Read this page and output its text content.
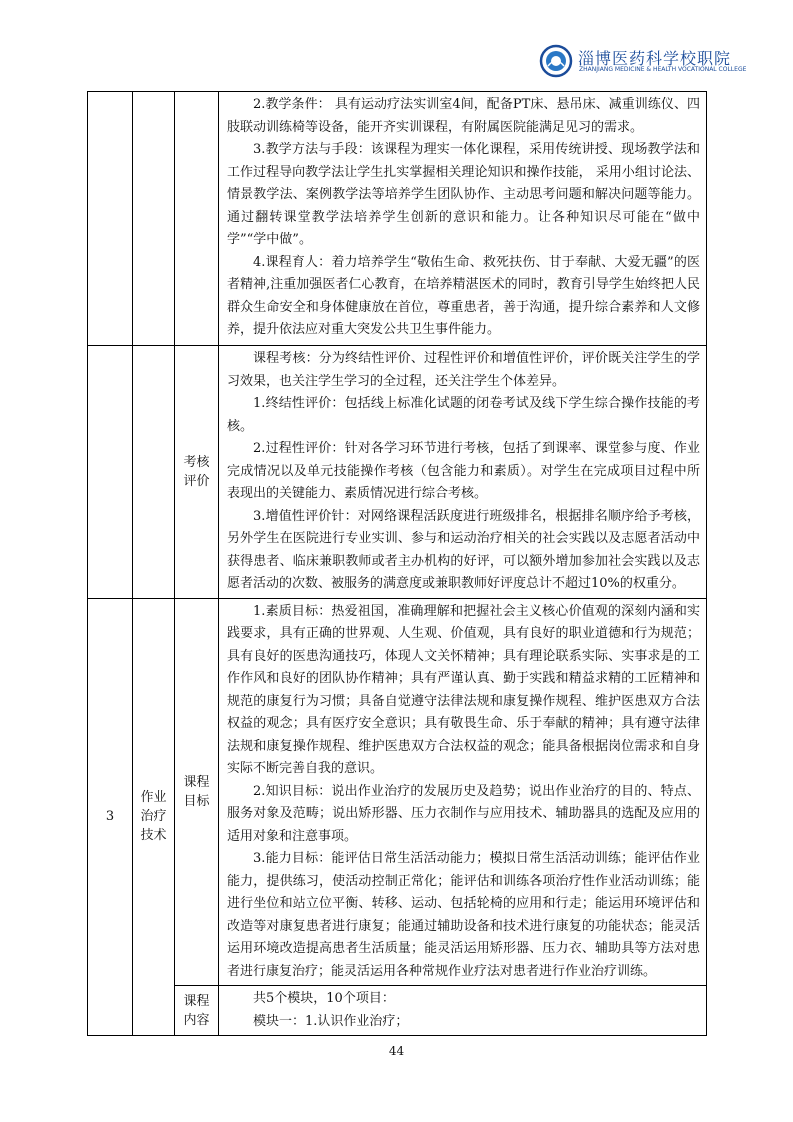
淄博医药科学校职院
ZHANJIANG MEDICINE & HEALTH VOCATIONAL COLLEGE

			2.教学条件： 具有运动疗法实训室4间，配备PT床、悬吊床、减重训练仪、四肢联动训练椅等设备，能开齐实训课程，有附属医院能满足见习的需求。

3.教学方法与手段：该课程为理实一体化课程，采用传统讲授、现场教学法和工作过程导向教学法让学生扎实掌握相关理论知识和操作技能， 采用小组讨论法、情景教学法、案例教学法等培养学生团队协作、主动思考问题和解决问题等能力。通过翻转课堂教学法培养学生创新的意识和能力。让各种知识尽可能在“做中学”“学中做”。

4.课程育人：着力培养学生“敬佑生命、救死扶伤、甘于奉献、大爱无疆”的医者精神,注重加强医者仁心教育，在培养精湛医术的同时，教育引导学生始终把人民群众生命安全和身体健康放在首位，尊重患者，善于沟通，提升综合素养和人文修养，提升依法应对重大突发公共卫生事件能力。

		考核评价	课程考核：分为终结性评价、过程性评价和增值性评价，评价既关注学生的学习效果，也关注学生学习的全过程，还关注学生个体差异。

1.终结性评价：包括线上标准化试题的闭卷考试及线下学生综合操作技能的考核。

2.过程性评价：针对各学习环节进行考核，包括了到课率、课堂参与度、作业完成情况以及单元技能操作考核（包含能力和素质）。对学生在完成项目过程中所表现出的关键能力、素质情况进行综合考核。

3.增值性评价针：对网络课程活跃度进行班级排名，根据排名顺序给予考核，另外学生在医院进行专业实训、参与和运动治疗相关的社会实践以及志愿者活动中获得患者、临床兼职教师或者主办机构的好评，可以额外增加参加社会实践以及志愿者活动的次数、被服务的满意度或兼职教师好评度总计不超过10%的权重分。

3	作业治疗技术	课程目标	1.素质目标：热爱祖国，准确理解和把握社会主义核心价值观的深刻内涵和实践要求，具有正确的世界观、人生观、价值观，具有良好的职业道德和行为规范；具有良好的医患沟通技巧，体现人文关怀精神；具有理论联系实际、实事求是的工作作风和良好的团队协作精神；具有严谨认真、勤于实践和精益求精的工匠精神和规范的康复行为习惯；具备自觉遵守法律法规和康复操作规程、维护医患双方合法权益的观念；具有医疗安全意识；具有敬畏生命、乐于奉献的精神；具有遵守法律法规和康复操作规程、维护医患双方合法权益的观念；能具备根据岗位需求和自身实际不断完善自我的意识。

2.知识目标：说出作业治疗的发展历史及趋势；说出作业治疗的目的、特点、服务对象及范畴；说出矫形器、压力衣制作与应用技术、辅助器具的选配及应用的适用对象和注意事项。

3.能力目标：能评估日常生活活动能力；模拟日常生活活动训练；能评估作业能力，提供练习，使活动控制正常化；能评估和训练各项治疗性作业活动训练；能进行坐位和站立位平衡、转移、运动、包括轮椅的应用和行走；能运用环境评估和改造等对康复患者进行康复；能通过辅助设备和技术进行康复的功能状态；能灵活运用环境改造提高患者生活质量；能灵活运用矫形器、压力衣、辅助具等方法对患者进行康复治疗；能灵活运用各种常规作业疗法对患者进行作业治疗训练。

		课程内容	共5个模块，10个项目：

模块一：1.认识作业治疗；

44
